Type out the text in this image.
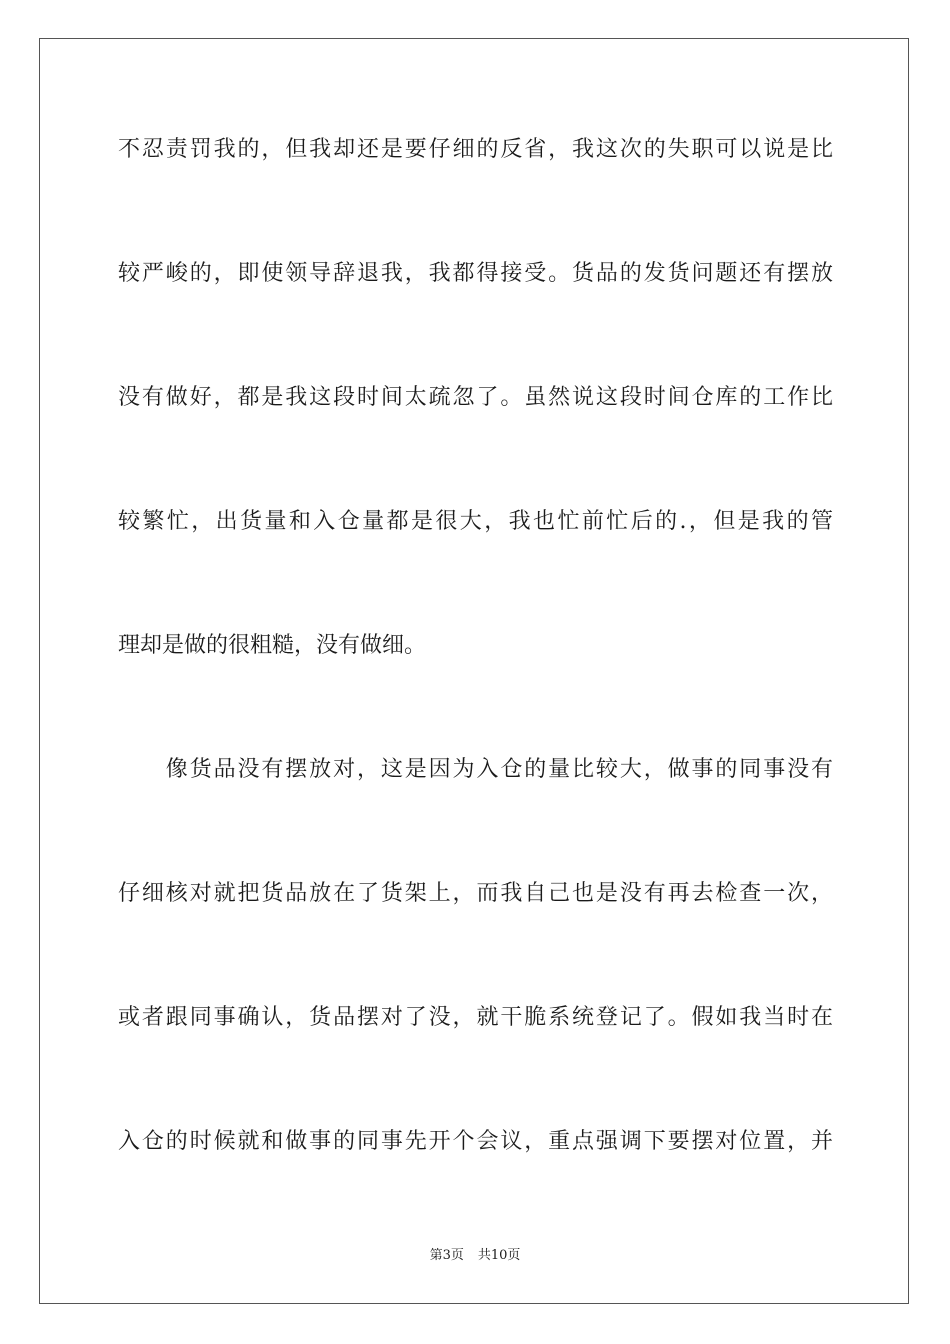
不忍责罚我的，但我却还是要仔细的反省，我这次的失职可以说是比
较严峻的，即使领导辞退我，我都得接受。货品的发货问题还有摆放
没有做好，都是我这段时间太疏忽了。虽然说这段时间仓库的工作比
较繁忙，出货量和入仓量都是很大，我也忙前忙后的.，但是我的管
理却是做的很粗糙，没有做细。
　　像货品没有摆放对，这是因为入仓的量比较大，做事的同事没有
仔细核对就把货品放在了货架上，而我自己也是没有再去检查一次，
或者跟同事确认，货品摆对了没，就干脆系统登记了。假如我当时在
入仓的时候就和做事的同事先开个会议，重点强调下要摆对位置，并
第3页 共10页
